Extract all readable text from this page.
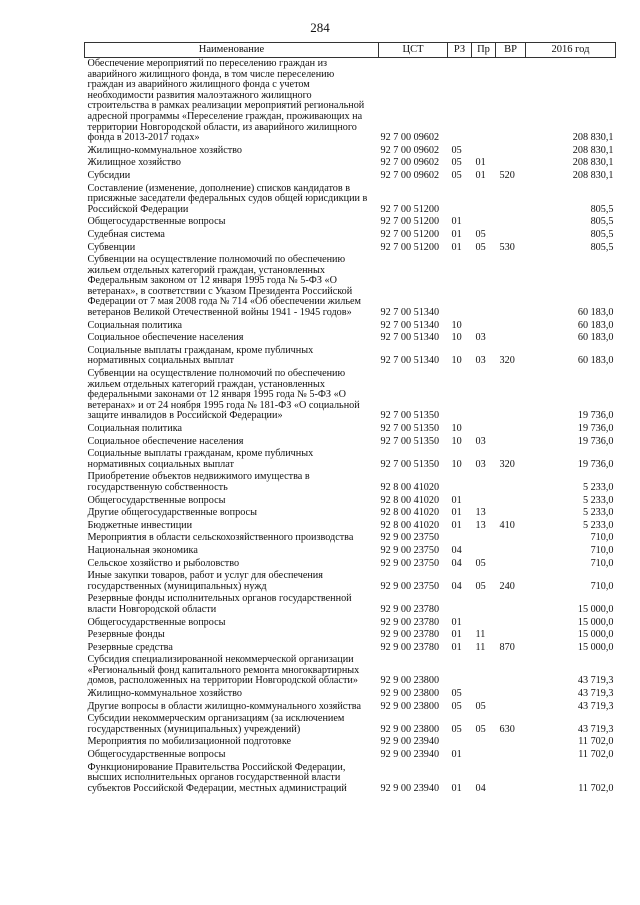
284
Наименование	ЦСТ	РЗ	Пр	ВР	2016 год
Обеспечение мероприятий по переселению граждан из аварийного жилищного фонда, в том числе переселению граждан из аварийного жилищного фонда с учетом необходимости развития малоэтажного жилищного строительства в рамках реализации мероприятий региональной адресной программы «Переселение граждан, проживающих на территории Новгородской области, из аварийного жилищного фонда в 2013-2017 годах»	92 7 00 09602				208 830,1
Жилищно-коммунальное хозяйство	92 7 00 09602	05			208 830,1
Жилищное хозяйство	92 7 00 09602	05	01		208 830,1
Субсидии	92 7 00 09602	05	01	520	208 830,1
Составление (изменение, дополнение) списков кандидатов в присяжные заседатели федеральных судов общей юрисдикции в Российской Федерации	92 7 00 51200				805,5
Общегосударственные вопросы	92 7 00 51200	01			805,5
Судебная система	92 7 00 51200	01	05		805,5
Субвенции	92 7 00 51200	01	05	530	805,5
Субвенции на осуществление полномочий по обеспечению жильем отдельных категорий граждан, установленных Федеральным законом от 12 января 1995 года № 5-ФЗ «О ветеранах», в соответствии с Указом Президента Российской Федерации от 7 мая 2008 года № 714 «Об обеспечении жильем ветеранов Великой Отечественной войны 1941 - 1945 годов»	92 7 00 51340				60 183,0
Социальная политика	92 7 00 51340	10			60 183,0
Социальное обеспечение населения	92 7 00 51340	10	03		60 183,0
Социальные выплаты гражданам, кроме публичных нормативных социальных выплат	92 7 00 51340	10	03	320	60 183,0
Субвенции на осуществление полномочий по обеспечению жильем отдельных категорий граждан, установленных федеральными законами от 12 января 1995 года № 5-ФЗ «О ветеранах» и от 24 ноября 1995 года № 181-ФЗ «О социальной защите инвалидов в Российской Федерации»	92 7 00 51350				19 736,0
Социальная политика	92 7 00 51350	10			19 736,0
Социальное обеспечение населения	92 7 00 51350	10	03		19 736,0
Социальные выплаты гражданам, кроме публичных нормативных социальных выплат	92 7 00 51350	10	03	320	19 736,0
Приобретение объектов недвижимого имущества в государственную собственность	92 8 00 41020				5 233,0
Общегосударственные вопросы	92 8 00 41020	01			5 233,0
Другие общегосударственные вопросы	92 8 00 41020	01	13		5 233,0
Бюджетные инвестиции	92 8 00 41020	01	13	410	5 233,0
Мероприятия в области сельскохозяйственного производства	92 9 00 23750				710,0
Национальная экономика	92 9 00 23750	04			710,0
Сельское хозяйство и рыболовство	92 9 00 23750	04	05		710,0
Иные закупки товаров, работ и услуг для обеспечения государственных (муниципальных) нужд	92 9 00 23750	04	05	240	710,0
Резервные фонды исполнительных органов государственной власти Новгородской области	92 9 00 23780				15 000,0
Общегосударственные вопросы	92 9 00 23780	01			15 000,0
Резервные фонды	92 9 00 23780	01	11		15 000,0
Резервные средства	92 9 00 23780	01	11	870	15 000,0
Субсидия специализированной некоммерческой организации «Региональный фонд капитального ремонта многоквартирных домов, расположенных на территории Новгородской области»	92 9 00 23800				43 719,3
Жилищно-коммунальное хозяйство	92 9 00 23800	05			43 719,3
Другие вопросы в области жилищно-коммунального хозяйства	92 9 00 23800	05	05		43 719,3
Субсидии некоммерческим организациям (за исключением государственных (муниципальных) учреждений)	92 9 00 23800	05	05	630	43 719,3
Мероприятия по мобилизационной подготовке	92 9 00 23940				11 702,0
Общегосударственные вопросы	92 9 00 23940	01			11 702,0
Функционирование Правительства Российской Федерации, высших исполнительных органов государственной власти субъектов Российской Федерации, местных администраций	92 9 00 23940	01	04		11 702,0
